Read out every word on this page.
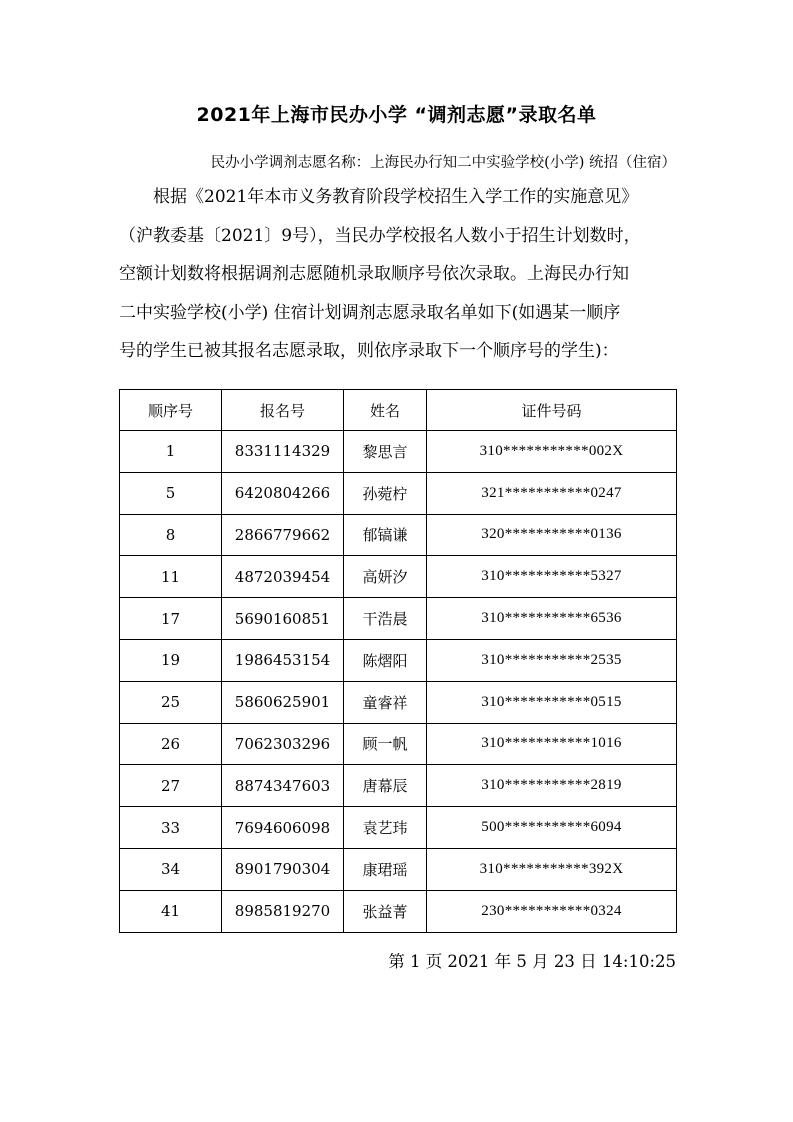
2021年上海市民办小学 “调剂志愿”录取名单
民办小学调剂志愿名称：上海民办行知二中实验学校(小学) 统招（住宿）
根据《2021年本市义务教育阶段学校招生入学工作的实施意见》
（沪教委基〔2021〕9号），当民办学校报名人数小于招生计划数时，
空额计划数将根据调剂志愿随机录取顺序号依次录取。上海民办行知
二中实验学校(小学) 住宿计划调剂志愿录取名单如下(如遇某一顺序
号的学生已被其报名志愿录取，则依序录取下一个顺序号的学生)：
顺序号	报名号	姓名	证件号码
1	8331114329	黎思言	310***********002X
5	6420804266	孙菀柠	321***********0247
8	2866779662	郁镐谦	320***********0136
11	4872039454	高妍汐	310***********5327
17	5690160851	干浩晨	310***********6536
19	1986453154	陈熠阳	310***********2535
25	5860625901	童睿祥	310***********0515
26	7062303296	顾一帆	310***********1016
27	8874347603	唐幕辰	310***********2819
33	7694606098	袁艺玮	500***********6094
34	8901790304	康珺瑶	310***********392X
41	8985819270	张益菁	230***********0324
第 1 页 2021 年 5 月 23 日 14:10:25
